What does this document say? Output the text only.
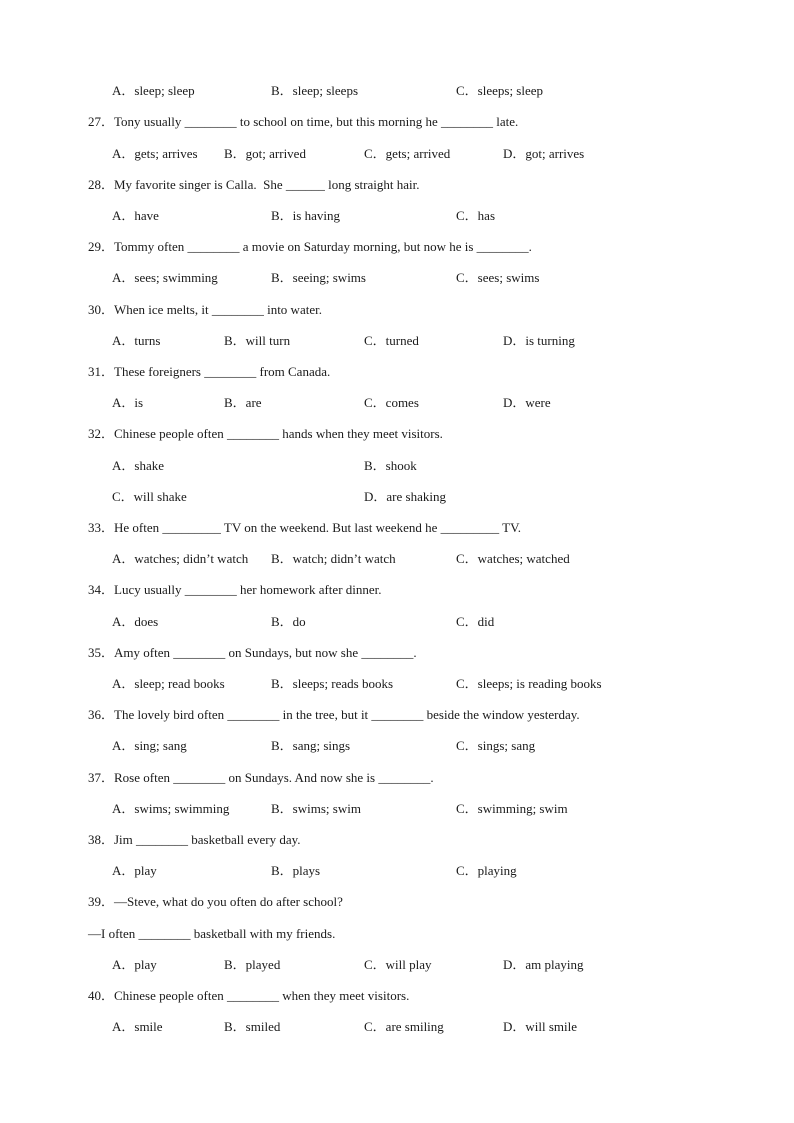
A．sleep; sleep	B．sleep; sleeps	C．sleeps; sleep
27．Tony usually ________ to school on time, but this morning he ________ late.
A．gets; arrives B．got; arrived	C．gets; arrived	D．got; arrives
28．My favorite singer is Calla.  She ______ long straight hair.
A．have	B．is having	C．has
29．Tommy often ________ a movie on Saturday morning, but now he is ________.
A．sees; swimming	B．seeing; swims	C．sees; swims
30．When ice melts, it ________ into water.
A．turns	B．will turn	C．turned	D．is turning
31．These foreigners ________ from Canada.
A．is	B．are	C．comes	D．were
32．Chinese people often ________ hands when they meet visitors.
A．shake	B．shook
C．will shake	D．are shaking
33．He often _________ TV on the weekend. But last weekend he _________ TV.
A．watches; didn’t watch B．watch; didn’t watch	C．watches; watched
34．Lucy usually ________ her homework after dinner.
A．does	B．do	C．did
35．Amy often ________ on Sundays, but now she ________.
A．sleep; read books	B．sleeps; reads books	C．sleeps; is reading books
36．The lovely bird often ________ in the tree, but it ________ beside the window yesterday.
A．sing; sang	B．sang; sings	C．sings; sang
37．Rose often ________ on Sundays. And now she is ________.
A．swims; swimming	B．swims; swim	C．swimming; swim
38．Jim ________ basketball every day.
A．play	B．plays	C．playing
39．—Steve, what do you often do after school?
—I often ________ basketball with my friends.
A．play	B．played	C．will play	D．am playing
40．Chinese people often ________ when they meet visitors.
A．smile	B．smiled	C．are smiling	D．will smile
